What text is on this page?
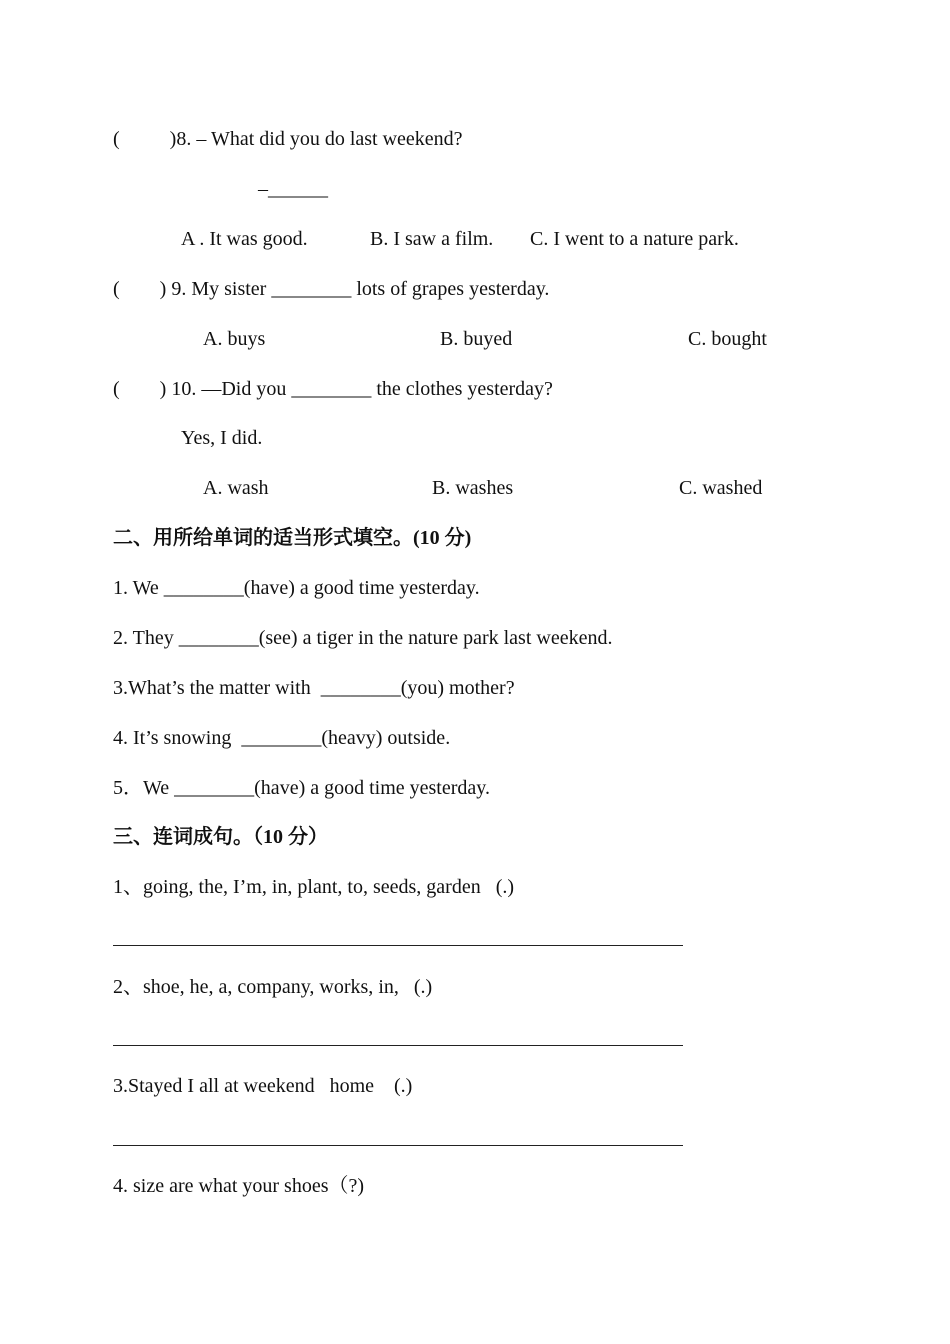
(          )8. – What did you do last weekend?
–______
A . It was good.	B. I saw a film. C. I went to a nature park.
(        ) 9. My sister ________ lots of grapes yesterday.
A. buys	B. buyed	C. bought
(        ) 10. —Did you ________ the clothes yesterday?
Yes, I did.
A. wash	B. washes	C. washed
二、用所给单词的适当形式填空。(10 分)
1. We ________(have) a good time yesterday.
2. They ________(see) a tiger in the nature park last weekend.
3.What’s the matter with  ________(you) mother?
4. It’s snowing  ________(heavy) outside.
5．We ________(have) a good time yesterday.
三、连词成句。（10 分）
1、going, the, I’m, in, plant, to, seeds, garden   (.)
2、shoe, he, a, company, works, in,   (.)
3.Stayed I all at weekend   home    (.)
4. size are what your shoes（?)
